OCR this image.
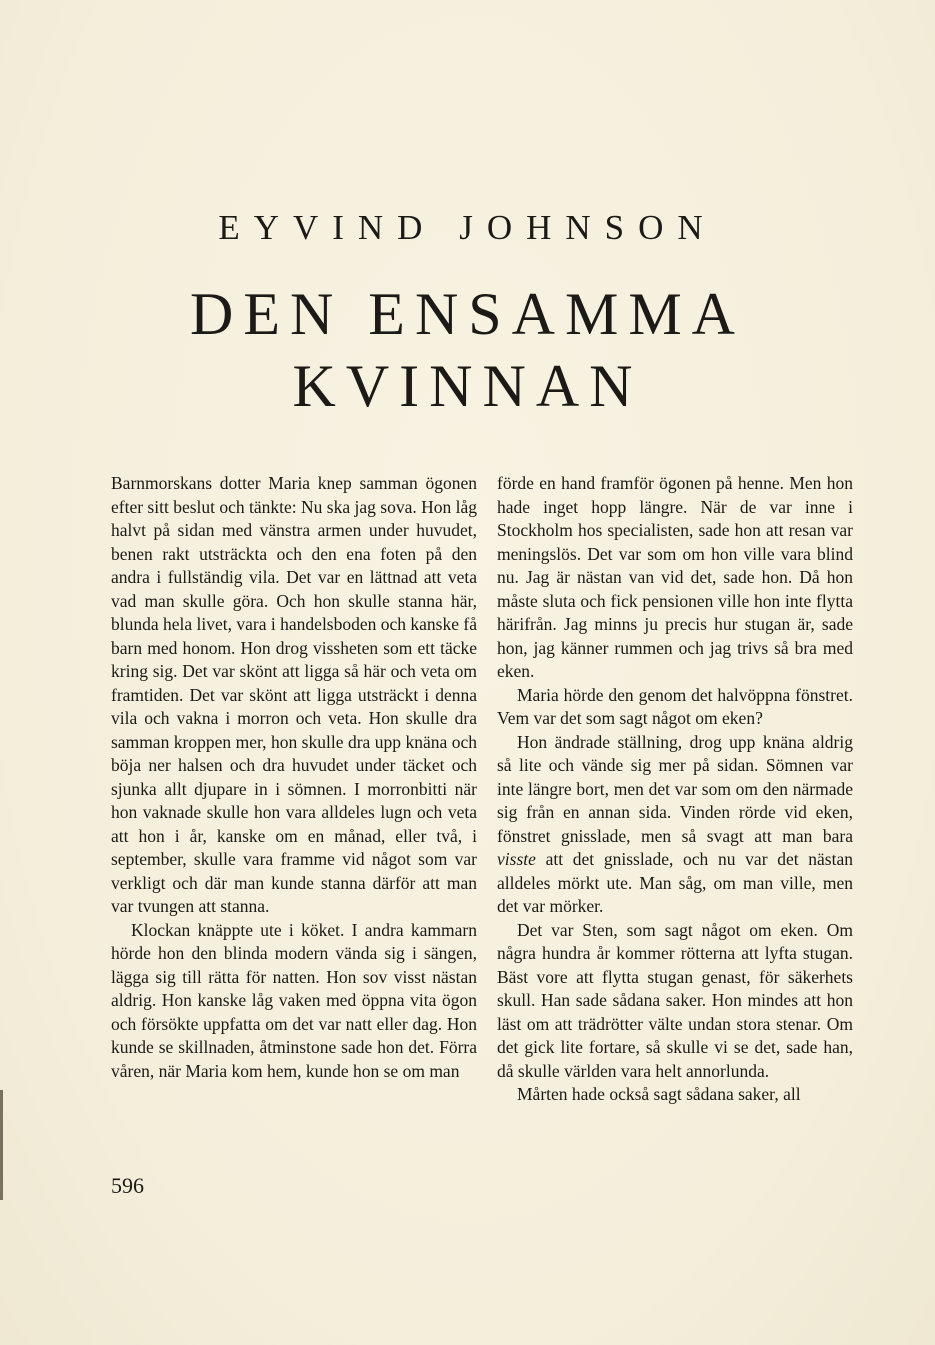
EYVIND JOHNSON
DEN ENSAMMA
KVINNAN

Barnmorskans dotter Maria knep samman ögonen efter sitt beslut och tänkte: Nu ska jag sova. Hon låg halvt på sidan med vänstra armen under huvudet, benen rakt utsträckta och den ena foten på den andra i fullständig vila. Det var en lättnad att veta vad man skulle göra. Och hon skulle stanna här, blunda hela livet, vara i handelsboden och kanske få barn med honom. Hon drog vissheten som ett täcke kring sig. Det var skönt att ligga så här och veta om framtiden. Det var skönt att ligga utsträckt i denna vila och vakna i morron och veta. Hon skulle dra samman kroppen mer, hon skulle dra upp knäna och böja ner halsen och dra huvudet under täcket och sjunka allt djupare in i sömnen. I morronbitti när hon vaknade skulle hon vara alldeles lugn och veta att hon i år, kanske om en månad, eller två, i september, skulle vara framme vid något som var verkligt och där man kunde stanna därför att man var tvungen att stanna.

Klockan knäppte ute i köket. I andra kammarn hörde hon den blinda modern vända sig i sängen, lägga sig till rätta för natten. Hon sov visst nästan aldrig. Hon kanske låg vaken med öppna vita ögon och försökte uppfatta om det var natt eller dag. Hon kunde se skillnaden, åtminstone sade hon det. Förra våren, när Maria kom hem, kunde hon se om man

förde en hand framför ögonen på henne. Men hon hade inget hopp längre. När de var inne i Stockholm hos specialisten, sade hon att resan var meningslös. Det var som om hon ville vara blind nu. Jag är nästan van vid det, sade hon. Då hon måste sluta och fick pensionen ville hon inte flytta härifrån. Jag minns ju precis hur stugan är, sade hon, jag känner rummen och jag trivs så bra med eken.

Maria hörde den genom det halvöppna fönstret. Vem var det som sagt något om eken?

Hon ändrade ställning, drog upp knäna aldrig så lite och vände sig mer på sidan. Sömnen var inte längre bort, men det var som om den närmade sig från en annan sida. Vinden rörde vid eken, fönstret gnisslade, men så svagt att man bara visste att det gnisslade, och nu var det nästan alldeles mörkt ute. Man såg, om man ville, men det var mörker.

Det var Sten, som sagt något om eken. Om några hundra år kommer rötterna att lyfta stugan. Bäst vore att flytta stugan genast, för säkerhets skull. Han sade sådana saker. Hon mindes att hon läst om att trädrötter välte undan stora stenar. Om det gick lite fortare, så skulle vi se det, sade han, då skulle världen vara helt annorlunda.

Mårten hade också sagt sådana saker, all

596
